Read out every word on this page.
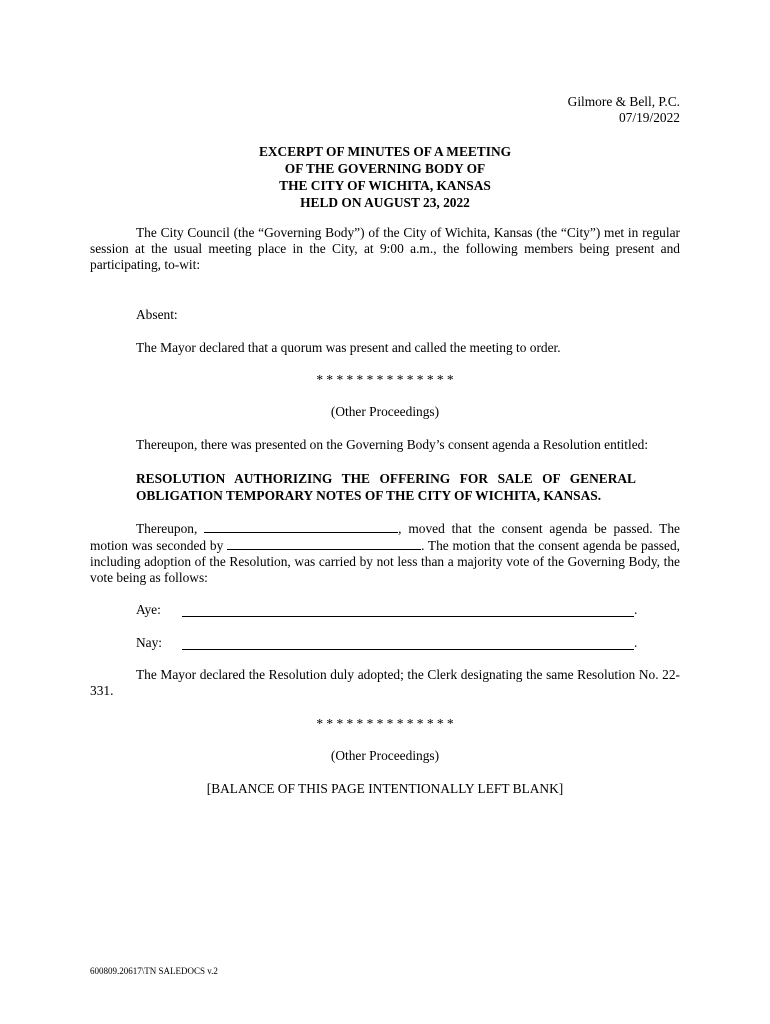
Gilmore & Bell, P.C.
07/19/2022
EXCERPT OF MINUTES OF A MEETING
OF THE GOVERNING BODY OF
THE CITY OF WICHITA, KANSAS
HELD ON AUGUST 23, 2022
The City Council (the “Governing Body”) of the City of Wichita, Kansas (the “City”) met in regular session at the usual meeting place in the City, at 9:00 a.m., the following members being present and participating, to-wit:
Absent:
The Mayor declared that a quorum was present and called the meeting to order.
* * * * * * * * * * * * * *
(Other Proceedings)
Thereupon, there was presented on the Governing Body’s consent agenda a Resolution entitled:
RESOLUTION AUTHORIZING THE OFFERING FOR SALE OF GENERAL OBLIGATION TEMPORARY NOTES OF THE CITY OF WICHITA, KANSAS.
Thereupon,	, moved that the consent agenda be passed. The motion was seconded by	. The motion that the consent agenda be passed, including adoption of the Resolution, was carried by not less than a majority vote of the Governing Body, the vote being as follows:
Aye:	.
Nay:	.
The Mayor declared the Resolution duly adopted; the Clerk designating the same Resolution No. 22-331.
* * * * * * * * * * * * * *
(Other Proceedings)
[BALANCE OF THIS PAGE INTENTIONALLY LEFT BLANK]
600809.20617\TN SALEDOCS v.2
